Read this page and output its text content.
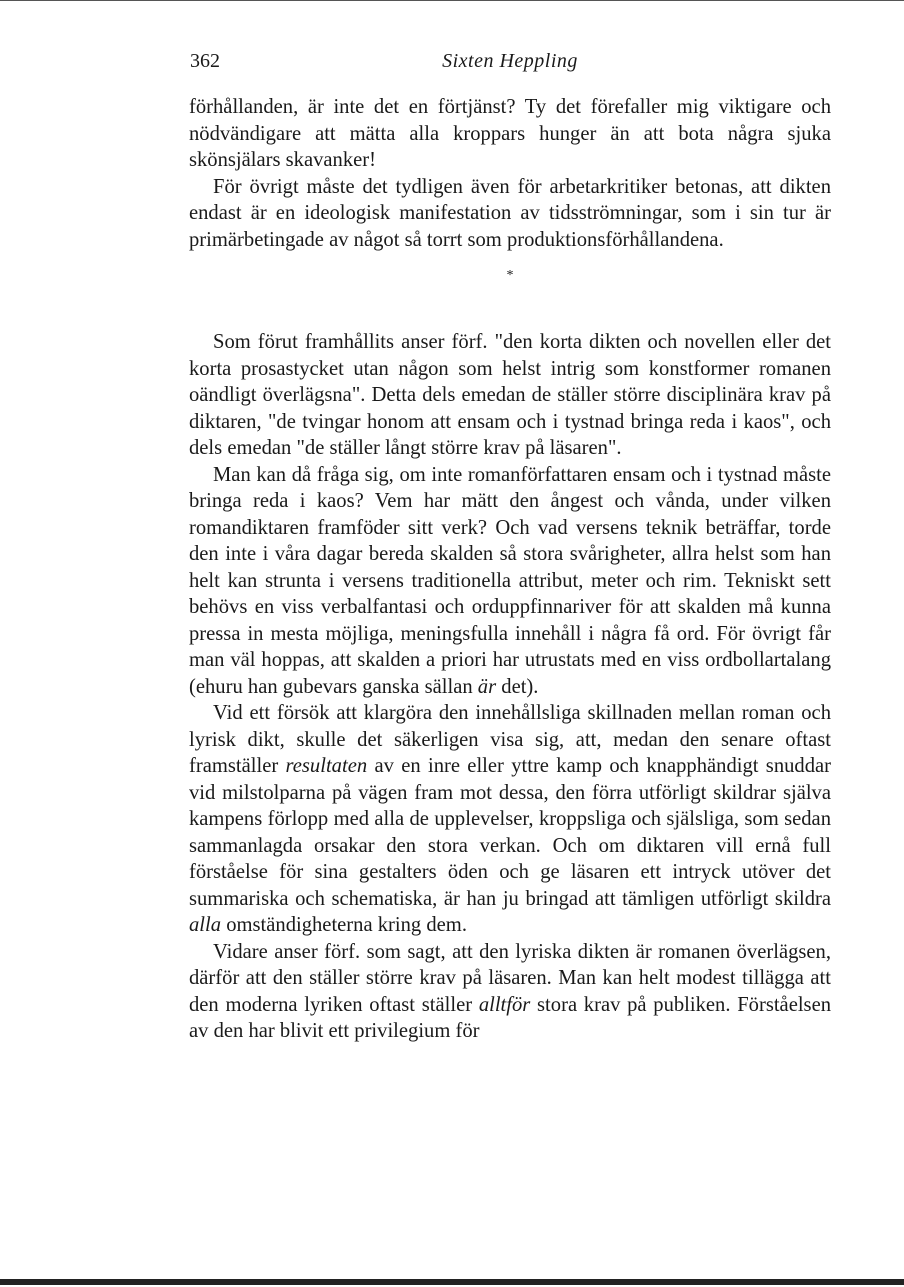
362	Sixten Heppling

förhållanden, är inte det en förtjänst? Ty det förefaller mig viktigare och nödvändigare att mätta alla kroppars hunger än att bota några sjuka skönsjälars skavanker!

För övrigt måste det tydligen även för arbetarkritiker betonas, att dikten endast är en ideologisk manifestation av tidsströmningar, som i sin tur är primärbetingade av något så torrt som produktionsförhållandena.

*

Som förut framhållits anser förf. "den korta dikten och novellen eller det korta prosastycket utan någon som helst intrig som konstformer romanen oändligt överlägsna". Detta dels emedan de ställer större disciplinära krav på diktaren, "de tvingar honom att ensam och i tystnad bringa reda i kaos", och dels emedan "de ställer långt större krav på läsaren".

Man kan då fråga sig, om inte romanförfattaren ensam och i tystnad måste bringa reda i kaos? Vem har mätt den ångest och vånda, under vilken romandiktaren framföder sitt verk? Och vad versens teknik beträffar, torde den inte i våra dagar bereda skalden så stora svårigheter, allra helst som han helt kan strunta i versens traditionella attribut, meter och rim. Tekniskt sett behövs en viss verbalfantasi och orduppfinnariver för att skalden må kunna pressa in mesta möjliga, meningsfulla innehåll i några få ord. För övrigt får man väl hoppas, att skalden a priori har utrustats med en viss ordbollartalang (ehuru han gubevars ganska sällan är det).

Vid ett försök att klargöra den innehållsliga skillnaden mellan roman och lyrisk dikt, skulle det säkerligen visa sig, att, medan den senare oftast framställer resultaten av en inre eller yttre kamp och knapphändigt snuddar vid milstolparna på vägen fram mot dessa, den förra utförligt skildrar själva kampens förlopp med alla de upplevelser, kroppsliga och själsliga, som sedan sammanlagda orsakar den stora verkan. Och om diktaren vill ernå full förståelse för sina gestalters öden och ge läsaren ett intryck utöver det summariska och schematiska, är han ju bringad att tämligen utförligt skildra alla omständigheterna kring dem.

Vidare anser förf. som sagt, att den lyriska dikten är romanen överlägsen, därför att den ställer större krav på läsaren. Man kan helt modest tillägga att den moderna lyriken oftast ställer alltför stora krav på publiken. Förståelsen av den har blivit ett privilegium för
